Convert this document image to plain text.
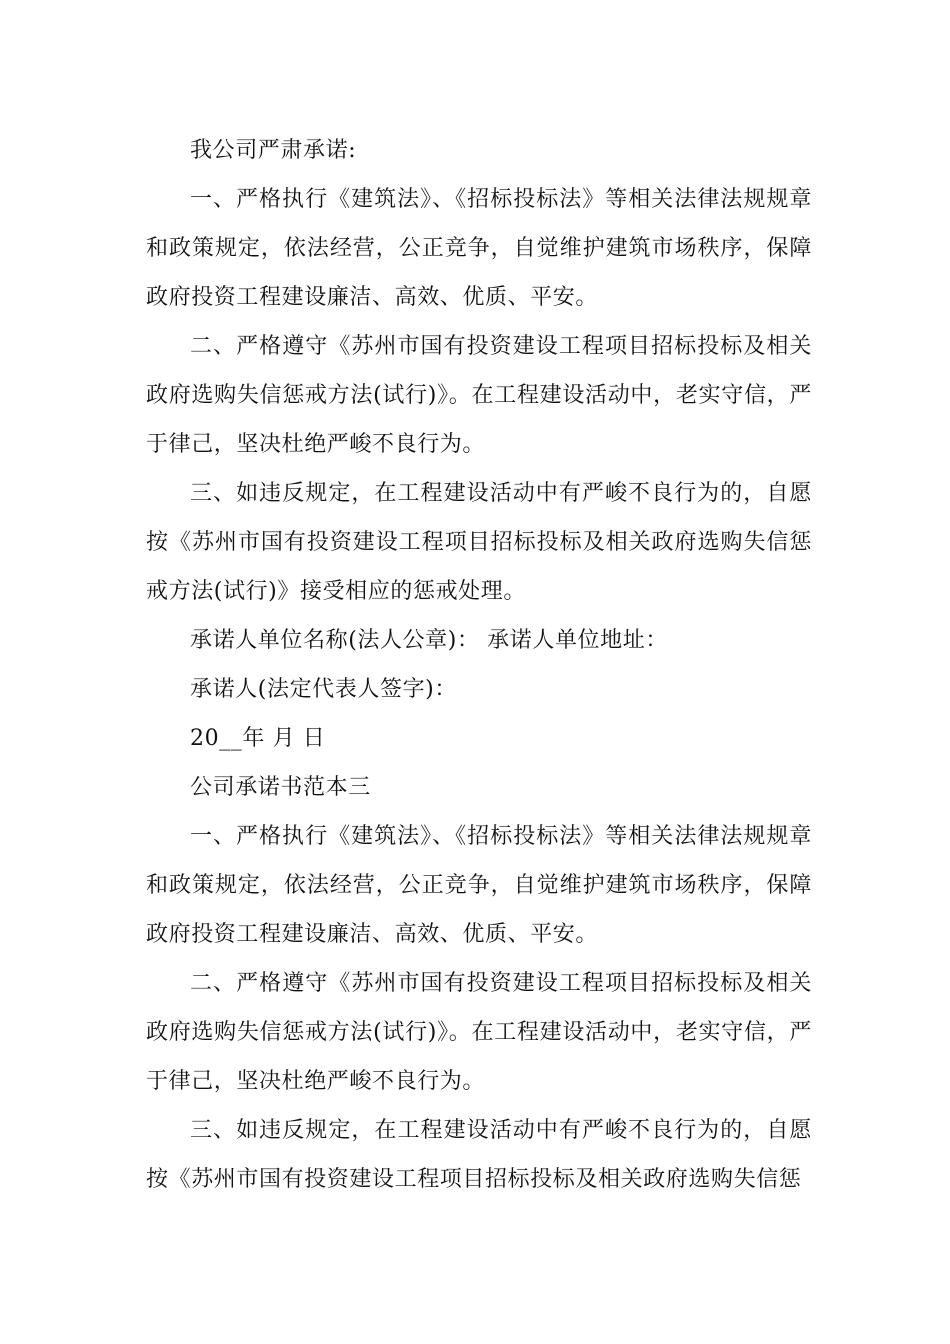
我公司严肃承诺:

一、严格执行《建筑法》、《招标投标法》等相关法律法规规章和政策规定，依法经营，公正竞争，自觉维护建筑市场秩序，保障政府投资工程建设廉洁、高效、优质、平安。

二、严格遵守《苏州市国有投资建设工程项目招标投标及相关政府选购失信惩戒方法(试行)》。在工程建设活动中，老实守信，严于律己，坚决杜绝严峻不良行为。

三、如违反规定，在工程建设活动中有严峻不良行为的，自愿按《苏州市国有投资建设工程项目招标投标及相关政府选购失信惩戒方法(试行)》接受相应的惩戒处理。

承诺人单位名称(法人公章)： 承诺人单位地址：

承诺人(法定代表人签字)：

20__年 月 日

公司承诺书范本三

一、严格执行《建筑法》、《招标投标法》等相关法律法规规章和政策规定，依法经营，公正竞争，自觉维护建筑市场秩序，保障政府投资工程建设廉洁、高效、优质、平安。

二、严格遵守《苏州市国有投资建设工程项目招标投标及相关政府选购失信惩戒方法(试行)》。在工程建设活动中，老实守信，严于律己，坚决杜绝严峻不良行为。

三、如违反规定，在工程建设活动中有严峻不良行为的，自愿按《苏州市国有投资建设工程项目招标投标及相关政府选购失信惩
